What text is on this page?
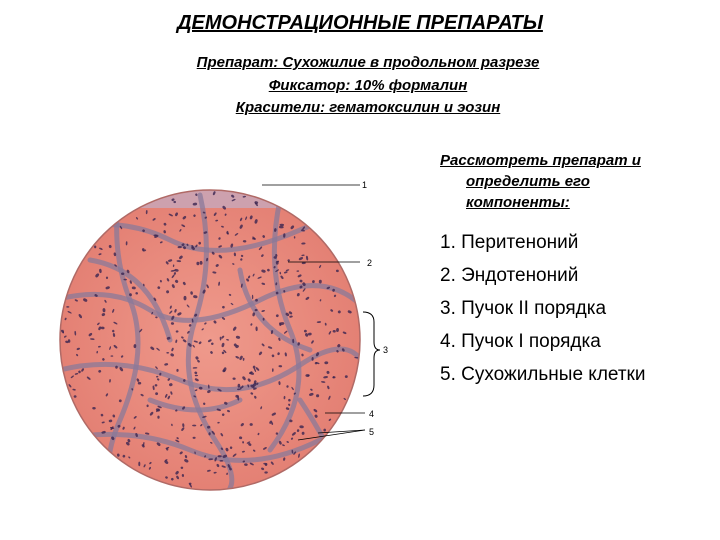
ДЕМОНСТРАЦИОННЫЕ ПРЕПАРАТЫ
Препарат: Сухожилие в продольном разрезе
Фиксатор: 10% формалин
Красители: гематоксилин и эозин
Рассмотреть препарат и
определить его
компоненты:
1. Перитеноний
2. Эндотеноний
3. Пучок II порядка
4. Пучок I порядка
5. Сухожильные клетки
1
2
3
4
5
